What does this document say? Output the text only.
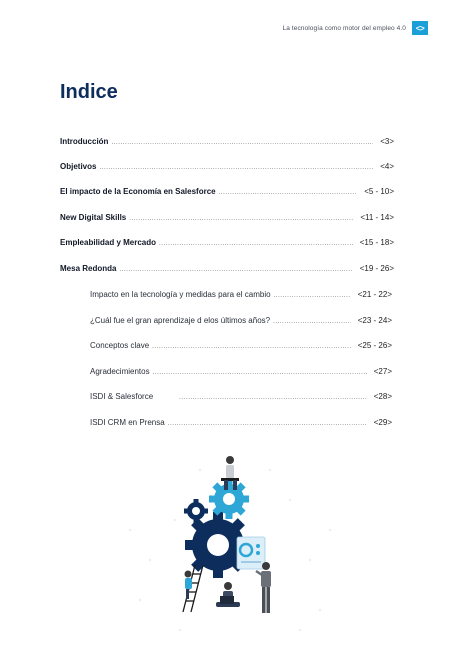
La tecnología como motor del empleo 4.0	<>
Indice
Introducción .....	<3>
Objetivos .....	<4>
El impacto de la Economía en Salesforce .....	<5 - 10>
New Digital Skills .....	<11 - 14>
Empleabilidad y Mercado .....	<15 - 18>
Mesa Redonda .....	<19 - 26>
Impacto en la tecnología y medidas para el cambio .....	<21 - 22>
¿Cuál fue el gran aprendizaje d elos últimos años? .....	<23 - 24>
Conceptos clave .....	<25 - 26>
Agradecimientos .....	<27>
ISDI & Salesforce .....	<28>
ISDI CRM en Prensa .....	<29>
